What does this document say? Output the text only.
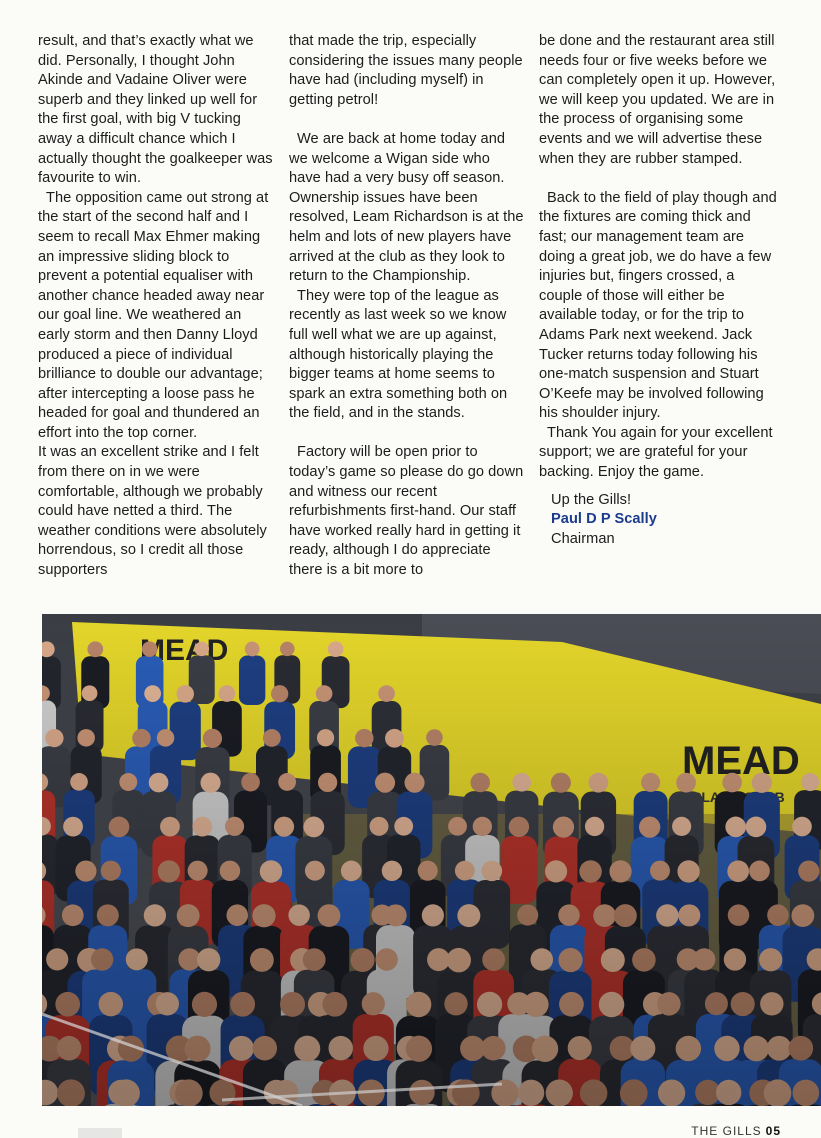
result, and that’s exactly what we did. Personally, I thought John Akinde and Vadaine Oliver were superb and they linked up well for the first goal, with big V tucking away a difficult chance which I actually thought the goalkeeper was favourite to win.

The opposition came out strong at the start of the second half and I seem to recall Max Ehmer making an impressive sliding block to prevent a potential equaliser with another chance headed away near our goal line. We weathered an early storm and then Danny Lloyd produced a piece of individual brilliance to double our advantage; after intercepting a loose pass he headed for goal and thundered an effort into the top corner.

It was an excellent strike and I felt from there on in we were comfortable, although we probably could have netted a third. The weather conditions were absolutely horrendous, so I credit all those supporters

that made the trip, especially considering the issues many people have had (including myself) in getting petrol!

We are back at home today and we welcome a Wigan side who have had a very busy off season. Ownership issues have been resolved, Leam Richardson is at the helm and lots of new players have arrived at the club as they look to return to the Championship.

They were top of the league as recently as last week so we know full well what we are up against, although historically playing the bigger teams at home seems to spark an extra something both on the field, and in the stands.

Factory will be open prior to today’s game so please do go down and witness our recent refurbishments first-hand. Our staff have worked really hard in getting it ready, although I do appreciate there is a bit more to

be done and the restaurant area still needs four or five weeks before we can completely open it up. However, we will keep you updated. We are in the process of organising some events and we will advertise these when they are rubber stamped.

Back to the field of play though and the fixtures are coming thick and fast; our management team are doing a great job, we do have a few injuries but, fingers crossed, a couple of those will either be available today, or for the trip to Adams Park next weekend. Jack Tucker returns today following his one-match suspension and Stuart O’Keefe may be involved following his shoulder injury.

Thank You again for your excellent support; we are grateful for your backing. Enjoy the game.

Up the Gills!

Paul D P Scally

Chairman

THE GILLS 05
